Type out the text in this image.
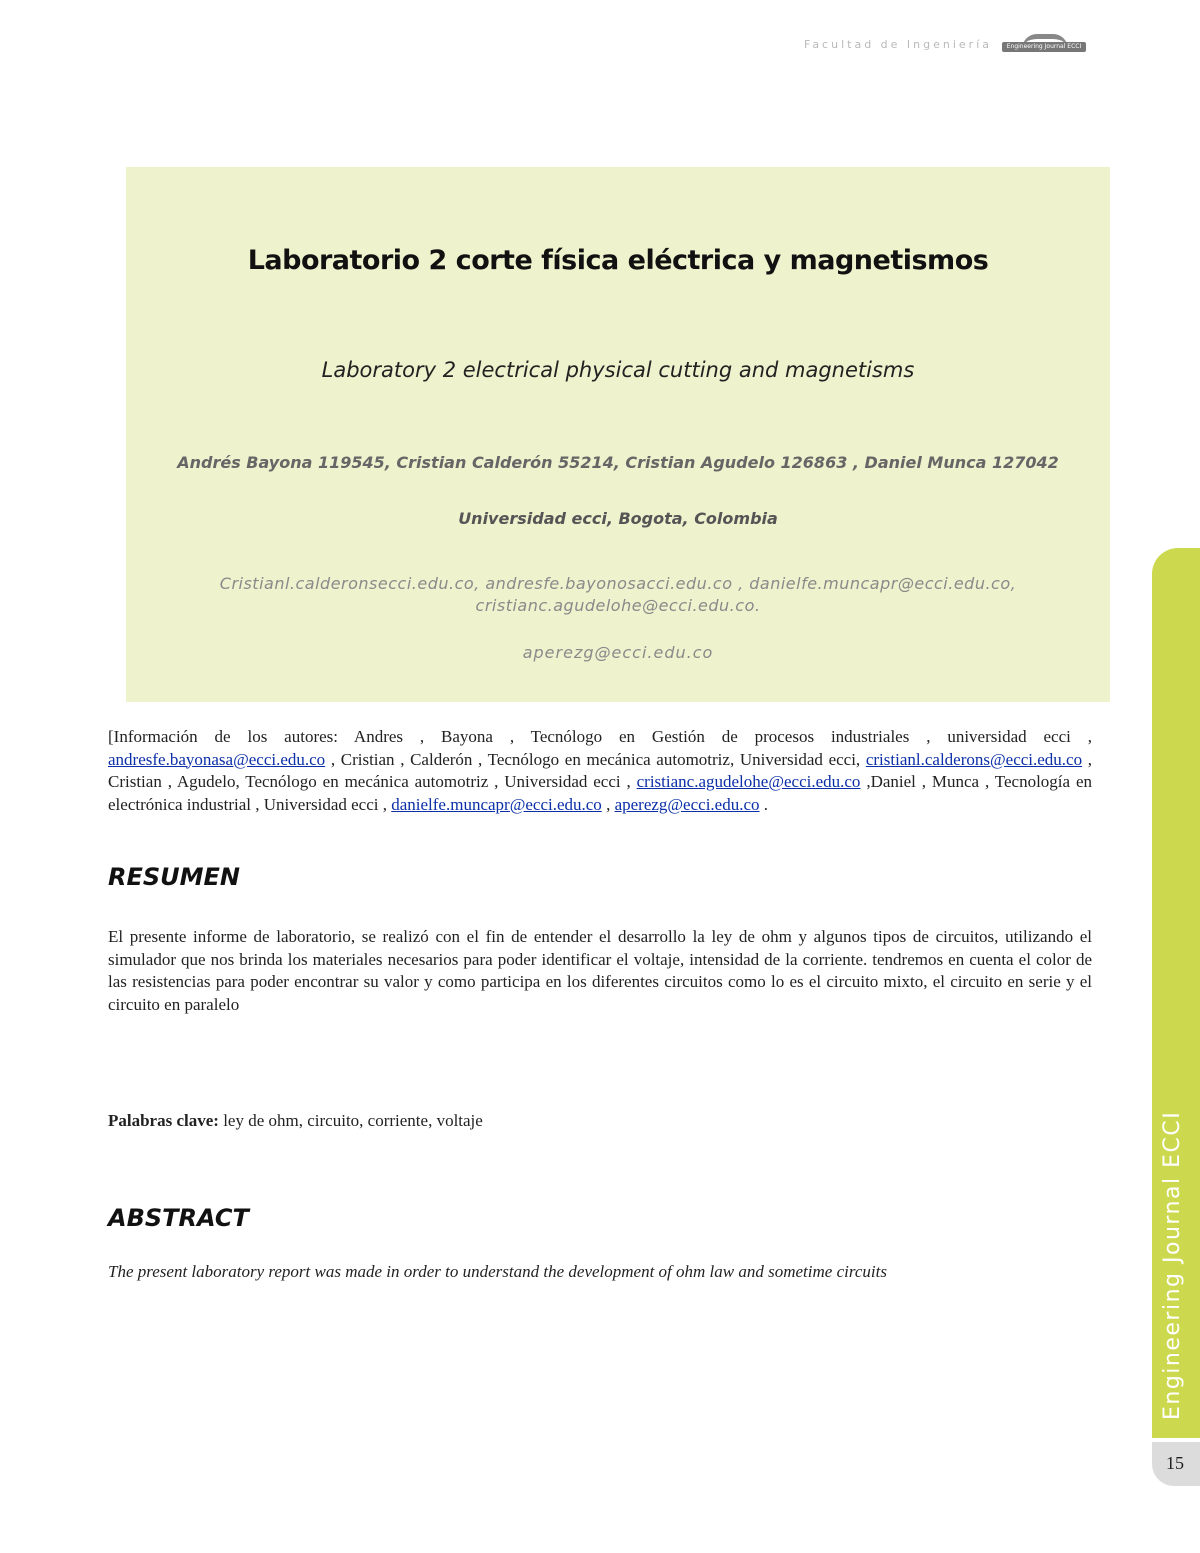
Facultad de Ingeniería	Engineering Journal ECCI
Laboratorio 2 corte física eléctrica y magnetismos
Laboratory 2 electrical physical cutting and magnetisms
Andrés Bayona 119545, Cristian Calderón 55214, Cristian Agudelo 126863 , Daniel Munca 127042
Universidad ecci, Bogota, Colombia
Cristianl.calderonsecci.edu.co, andresfe.bayonosacci.edu.co , danielfe.muncapr@ecci.edu.co,
cristianc.agudelohe@ecci.edu.co.
aperezg@ecci.edu.co
[Información de los autores: Andres , Bayona , Tecnólogo en Gestión de procesos industriales , universidad ecci , andresfe.bayonasa@ecci.edu.co , Cristian , Calderón , Tecnólogo en mecánica automotriz, Universidad ecci, cristianl.calderons@ecci.edu.co , Cristian , Agudelo, Tecnólogo en mecánica automotriz , Universidad ecci , cristianc.agudelohe@ecci.edu.co ,Daniel , Munca , Tecnología en electrónica industrial , Universidad ecci , danielfe.muncapr@ecci.edu.co , aperezg@ecci.edu.co .
RESUMEN
El presente informe de laboratorio, se realizó con el fin de entender el desarrollo la ley de ohm y algunos tipos de circuitos, utilizando el simulador que nos brinda los materiales necesarios para poder identificar el voltaje, intensidad de la corriente. tendremos en cuenta el color de las resistencias para poder encontrar su valor y como participa en los diferentes circuitos como lo es el circuito mixto, el circuito en serie y el circuito en paralelo
Palabras clave: ley de ohm, circuito, corriente, voltaje
ABSTRACT
The present laboratory report was made in order to understand the development of ohm law and sometime circuits	Engineering Journal ECCI
15
